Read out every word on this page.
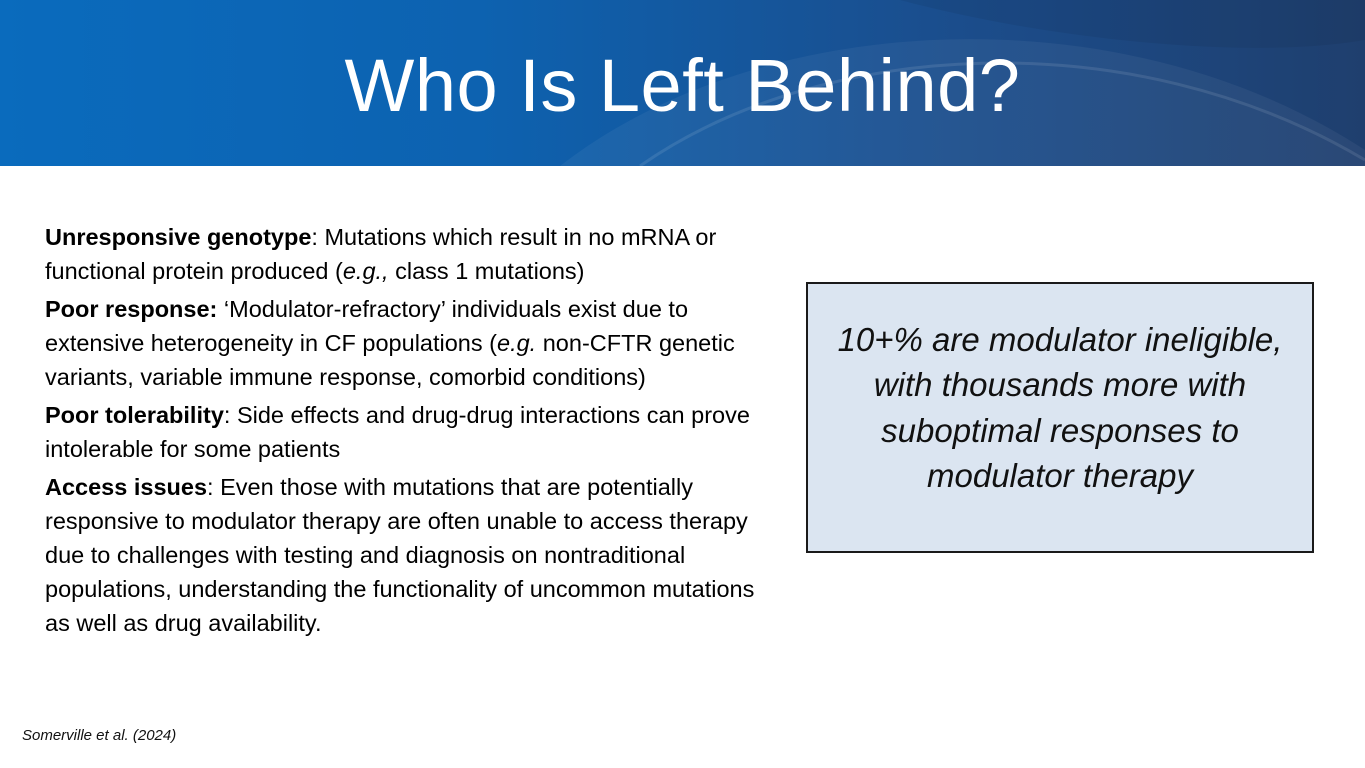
Who Is Left Behind?

Unresponsive genotype: Mutations which result in no mRNA or functional protein produced (e.g., class 1 mutations)

Poor response: ‘Modulator-refractory’ individuals exist due to extensive heterogeneity in CF populations (e.g. non-CFTR genetic variants, variable immune response, comorbid conditions)

Poor tolerability: Side effects and drug-drug interactions can prove intolerable for some patients

Access issues: Even those with mutations that are potentially responsive to modulator therapy are often unable to access therapy due to challenges with testing and diagnosis on nontraditional populations, understanding the functionality of uncommon mutations as well as drug availability.

10+% are modulator ineligible, with thousands more with suboptimal responses to modulator therapy
Somerville et al. (2024)
